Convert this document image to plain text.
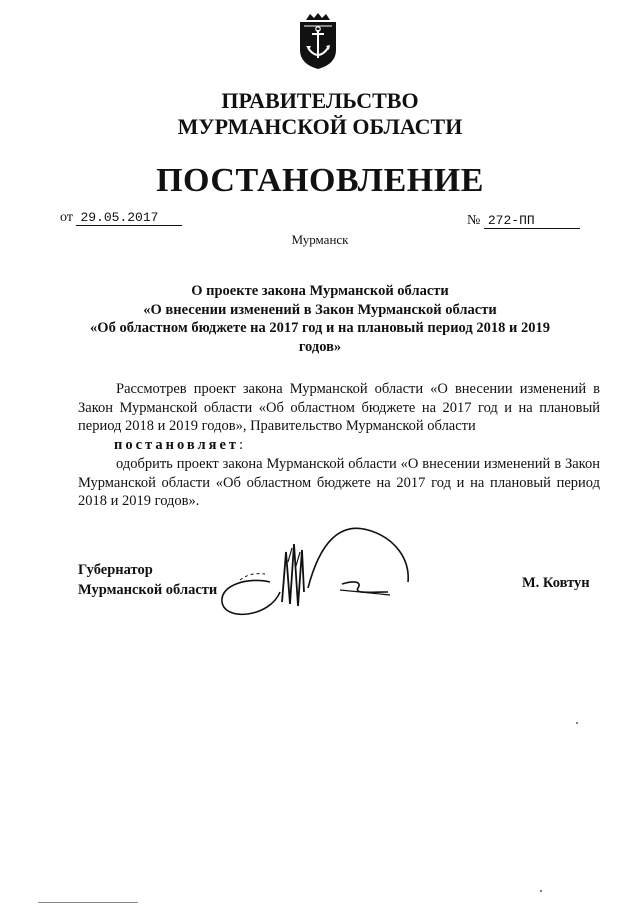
ПРАВИТЕЛЬСТВО
МУРМАНСКОЙ ОБЛАСТИ
ПОСТАНОВЛЕНИЕ
от 29.05.2017	№ 272-ПП
Мурманск
О проекте закона Мурманской области
«О внесении изменений в Закон Мурманской области
«Об областном бюджете на 2017 год и на плановый период 2018 и 2019
годов»
Рассмотрев проект закона Мурманской области «О внесении изменений в Закон Мурманской области «Об областном бюджете на 2017 год и на плановый период 2018 и 2019 годов», Правительство Мурманской области
постановляет:
одобрить проект закона Мурманской области «О внесении изменений в Закон Мурманской области «Об областном бюджете на 2017 год и на плановый период 2018 и 2019 годов».
Губернатор
Мурманской области	М. Ковтун
